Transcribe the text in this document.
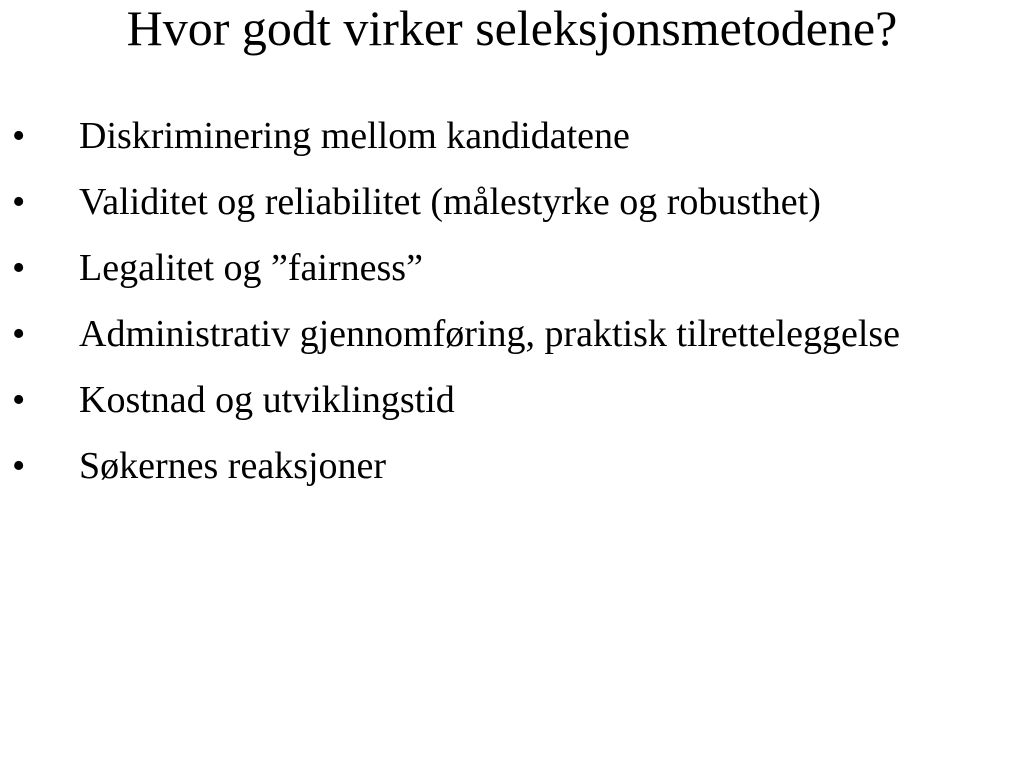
Hvor godt virker seleksjonsmetodene?
• Diskriminering mellom kandidatene
• Validitet og reliabilitet (målestyrke og robusthet)
• Legalitet og ”fairness”
• Administrativ gjennomføring, praktisk tilretteleggelse
• Kostnad og utviklingstid
• Søkernes reaksjoner
